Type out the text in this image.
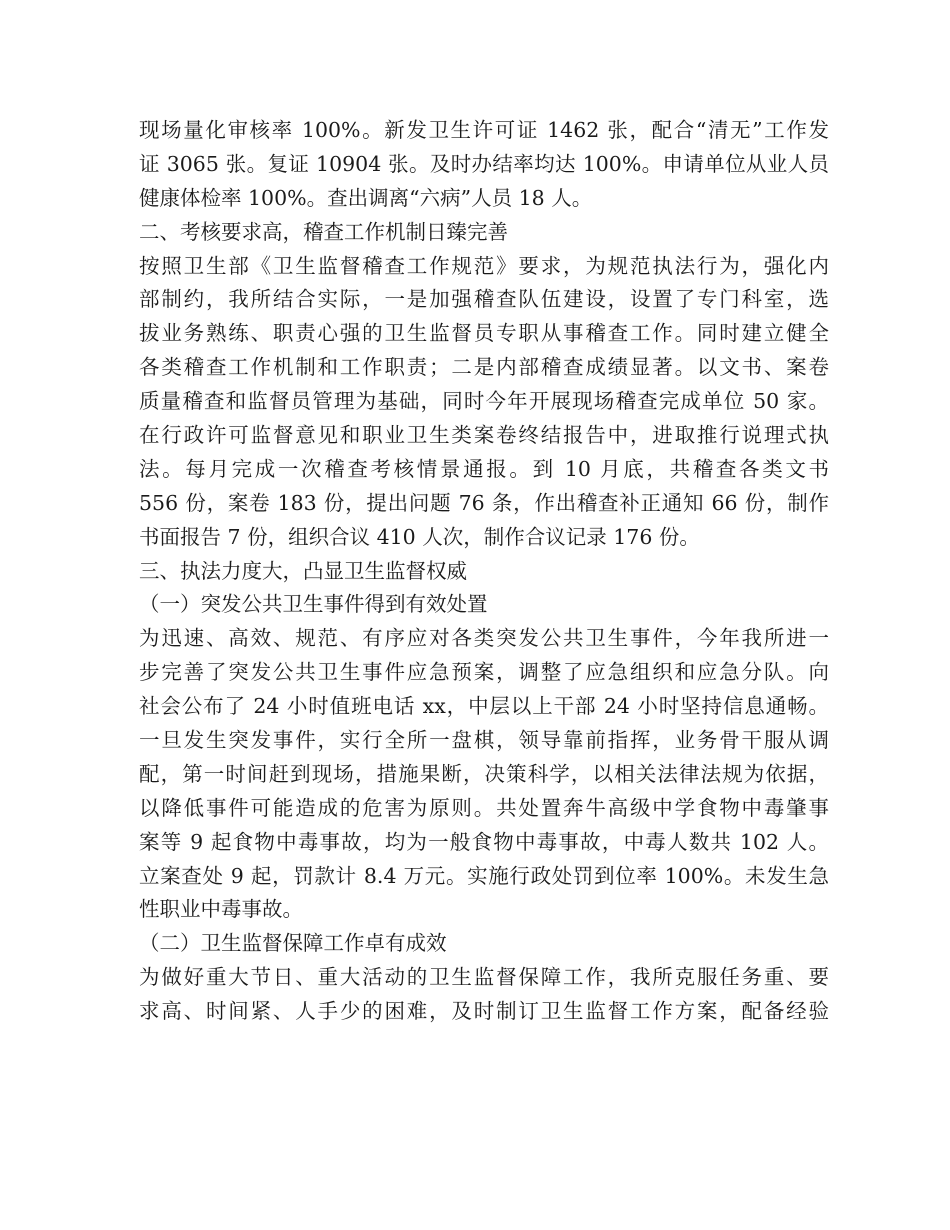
现场量化审核率 100%。新发卫生许可证 1462 张，配合“清无”工作发
证 3065 张。复证 10904 张。及时办结率均达 100%。申请单位从业人员
健康体检率 100%。查出调离“六病”人员 18 人。
二、考核要求高，稽查工作机制日臻完善
按照卫生部《卫生监督稽查工作规范》要求，为规范执法行为，强化内
部制约，我所结合实际，一是加强稽查队伍建设，设置了专门科室，选
拔业务熟练、职责心强的卫生监督员专职从事稽查工作。同时建立健全
各类稽查工作机制和工作职责；二是内部稽查成绩显著。以文书、案卷
质量稽查和监督员管理为基础，同时今年开展现场稽查完成单位 50 家。
在行政许可监督意见和职业卫生类案卷终结报告中，进取推行说理式执
法。每月完成一次稽查考核情景通报。到 10 月底，共稽查各类文书
556 份，案卷 183 份，提出问题 76 条，作出稽查补正通知 66 份，制作
书面报告 7 份，组织合议 410 人次，制作合议记录 176 份。
三、执法力度大，凸显卫生监督权威
（一）突发公共卫生事件得到有效处置
为迅速、高效、规范、有序应对各类突发公共卫生事件，今年我所进一
步完善了突发公共卫生事件应急预案，调整了应急组织和应急分队。向
社会公布了 24 小时值班电话 xx，中层以上干部 24 小时坚持信息通畅。
一旦发生突发事件，实行全所一盘棋，领导靠前指挥，业务骨干服从调
配，第一时间赶到现场，措施果断，决策科学，以相关法律法规为依据，
以降低事件可能造成的危害为原则。共处置奔牛高级中学食物中毒肇事
案等 9 起食物中毒事故，均为一般食物中毒事故，中毒人数共 102 人。
立案查处 9 起，罚款计 8.4 万元。实施行政处罚到位率 100%。未发生急
性职业中毒事故。
（二）卫生监督保障工作卓有成效
为做好重大节日、重大活动的卫生监督保障工作，我所克服任务重、要
求高、时间紧、人手少的困难，及时制订卫生监督工作方案，配备经验
